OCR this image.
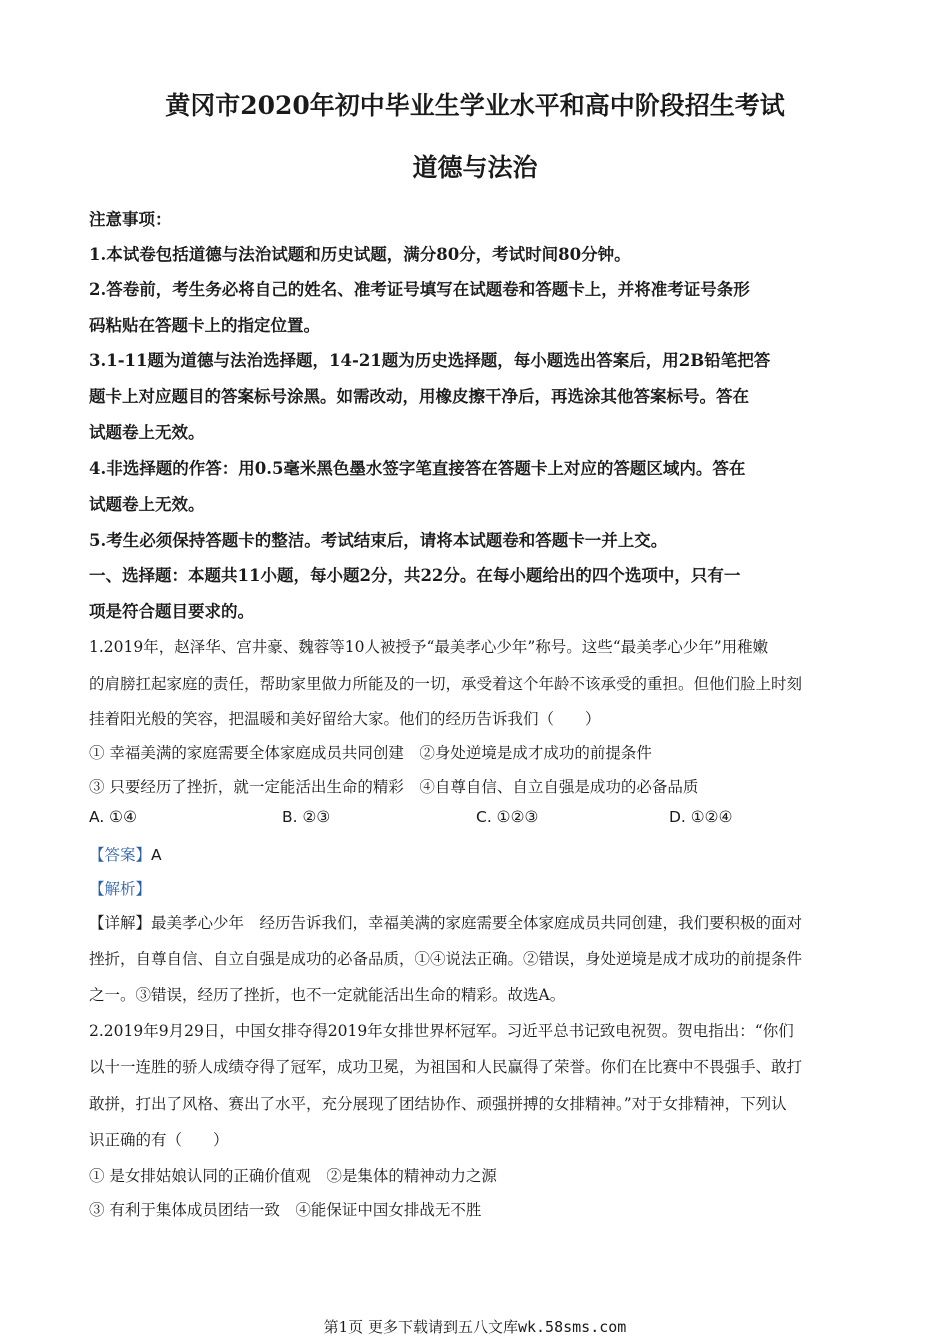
黄冈市2020年初中毕业生学业水平和高中阶段招生考试
道德与法治
注意事项：
1.本试卷包括道德与法治试题和历史试题，满分80分，考试时间80分钟。
2.答卷前，考生务必将自己的姓名、准考证号填写在试题卷和答题卡上，并将准考证号条形
码粘贴在答题卡上的指定位置。
3.1-11题为道德与法治选择题，14-21题为历史选择题，每小题选出答案后，用2B铅笔把答
题卡上对应题目的答案标号涂黑。如需改动，用橡皮擦干净后，再选涂其他答案标号。答在
试题卷上无效。
4.非选择题的作答：用0.5毫米黑色墨水签字笔直接答在答题卡上对应的答题区域内。答在
试题卷上无效。
5.考生必须保持答题卡的整洁。考试结束后，请将本试题卷和答题卡一并上交。
一、选择题：本题共11小题，每小题2分，共22分。在每小题给出的四个选项中，只有一
项是符合题目要求的。
1.2019年，赵泽华、宫井豪、魏蓉等10人被授予“最美孝心少年”称号。这些“最美孝心少年”用稚嫩
的肩膀扛起家庭的责任，帮助家里做力所能及的一切，承受着这个年龄不该承受的重担。但他们脸上时刻
挂着阳光般的笑容，把温暖和美好留给大家。他们的经历告诉我们（　　）
① 幸福美满的家庭需要全体家庭成员共同创建　②身处逆境是成才成功的前提条件
③ 只要经历了挫折，就一定能活出生命的精彩　④自尊自信、自立自强是成功的必备品质
A. ①④	B. ②③	C. ①②③	D. ①②④
【答案】A
【解析】
【详解】最美孝心少年　经历告诉我们，幸福美满的家庭需要全体家庭成员共同创建，我们要积极的面对
挫折，自尊自信、自立自强是成功的必备品质，①④说法正确。②错误，身处逆境是成才成功的前提条件
之一。③错误，经历了挫折，也不一定就能活出生命的精彩。故选A。
2.2019年9月29日，中国女排夺得2019年女排世界杯冠军。习近平总书记致电祝贺。贺电指出：“你们
以十一连胜的骄人成绩夺得了冠军，成功卫冕，为祖国和人民赢得了荣誉。你们在比赛中不畏强手、敢打
敢拼，打出了风格、赛出了水平，充分展现了团结协作、顽强拼搏的女排精神。”对于女排精神，下列认
识正确的有（　　）
① 是女排姑娘认同的正确价值观　②是集体的精神动力之源
③ 有利于集体成员团结一致　④能保证中国女排战无不胜
第1页 更多下载请到五八文库wk.58sms.com
